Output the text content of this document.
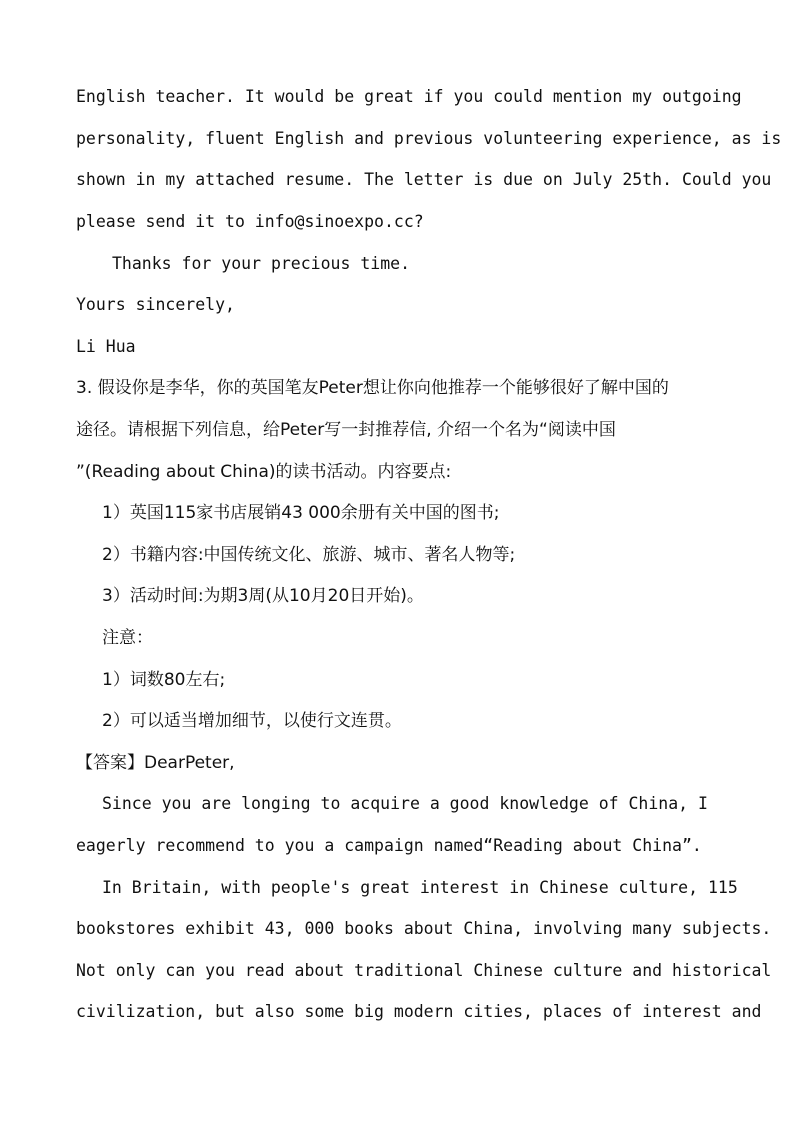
English teacher. It would be great if you could mention my outgoing
personality, fluent English and previous volunteering experience, as is
shown in my attached resume. The letter is due on July 25th. Could you
please send it to info@sinoexpo.cc?
Thanks for your precious time.
Yours sincerely,
Li Hua
3. 假设你是李华，你的英国笔友Peter想让你向他推荐一个能够很好了解中国的
途径。请根据下列信息，给Peter写一封推荐信, 介绍一个名为“阅读中国
”(Reading about China)的读书活动。内容要点:
1）英国115家书店展销43 000余册有关中国的图书;
2）书籍内容:中国传统文化、旅游、城市、著名人物等;
3）活动时间:为期3周(从10月20日开始)。
注意：
1）词数80左右;
2）可以适当增加细节，以使行文连贯。
【答案】DearPeter,
Since you are longing to acquire a good knowledge of China, I
eagerly recommend to you a campaign named“Reading about China”.
In Britain, with people's great interest in Chinese culture, 115
bookstores exhibit 43, 000 books about China, involving many subjects.
Not only can you read about traditional Chinese culture and historical
civilization, but also some big modern cities, places of interest and
